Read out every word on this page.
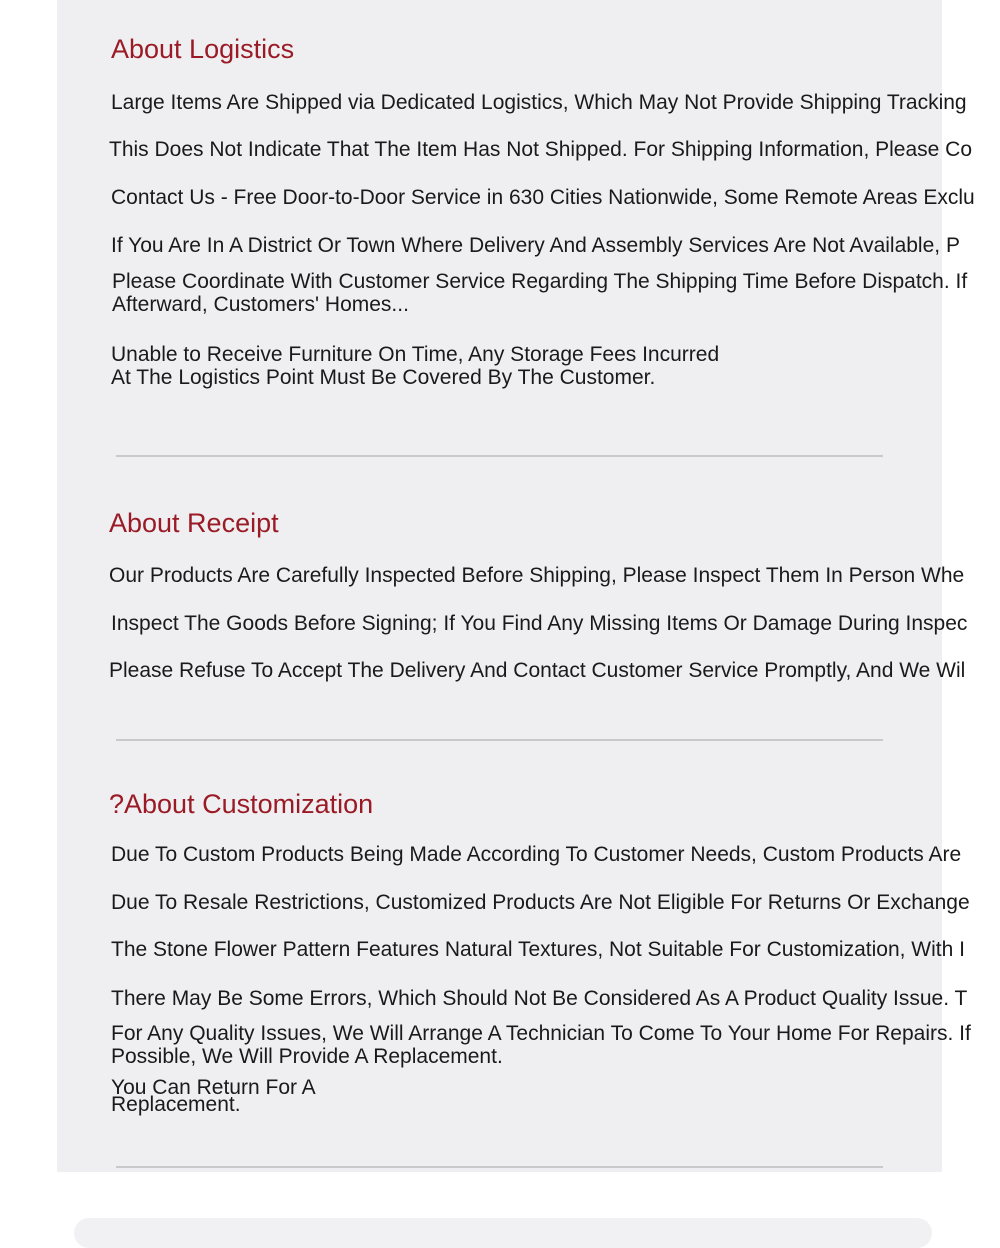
About Logistics
Large Items Are Shipped via Dedicated Logistics, Which May Not Provide Shipping Tracking
This Does Not Indicate That The Item Has Not Shipped. For Shipping Information, Please Co
Contact Us - Free Door-to-Door Service in 630 Cities Nationwide, Some Remote Areas Exclu
If You Are In A District Or Town Where Delivery And Assembly Services Are Not Available, P
Please Coordinate With Customer Service Regarding The Shipping Time Before Dispatch. If
Afterward, Customers' Homes...
Unable to Receive Furniture On Time, Any Storage Fees Incurred
At The Logistics Point Must Be Covered By The Customer.
About Receipt
Our Products Are Carefully Inspected Before Shipping, Please Inspect Them In Person Whe
Inspect The Goods Before Signing; If You Find Any Missing Items Or Damage During Inspec
Please Refuse To Accept The Delivery And Contact Customer Service Promptly, And We Wil
?About Customization
Due To Custom Products Being Made According To Customer Needs, Custom Products Are
Due To Resale Restrictions, Customized Products Are Not Eligible For Returns Or Exchange
The Stone Flower Pattern Features Natural Textures, Not Suitable For Customization, With I
There May Be Some Errors, Which Should Not Be Considered As A Product Quality Issue. T
For Any Quality Issues, We Will Arrange A Technician To Come To Your Home For Repairs. If
Possible, We Will Provide A Replacement.
You Can Return For A
Replacement.
